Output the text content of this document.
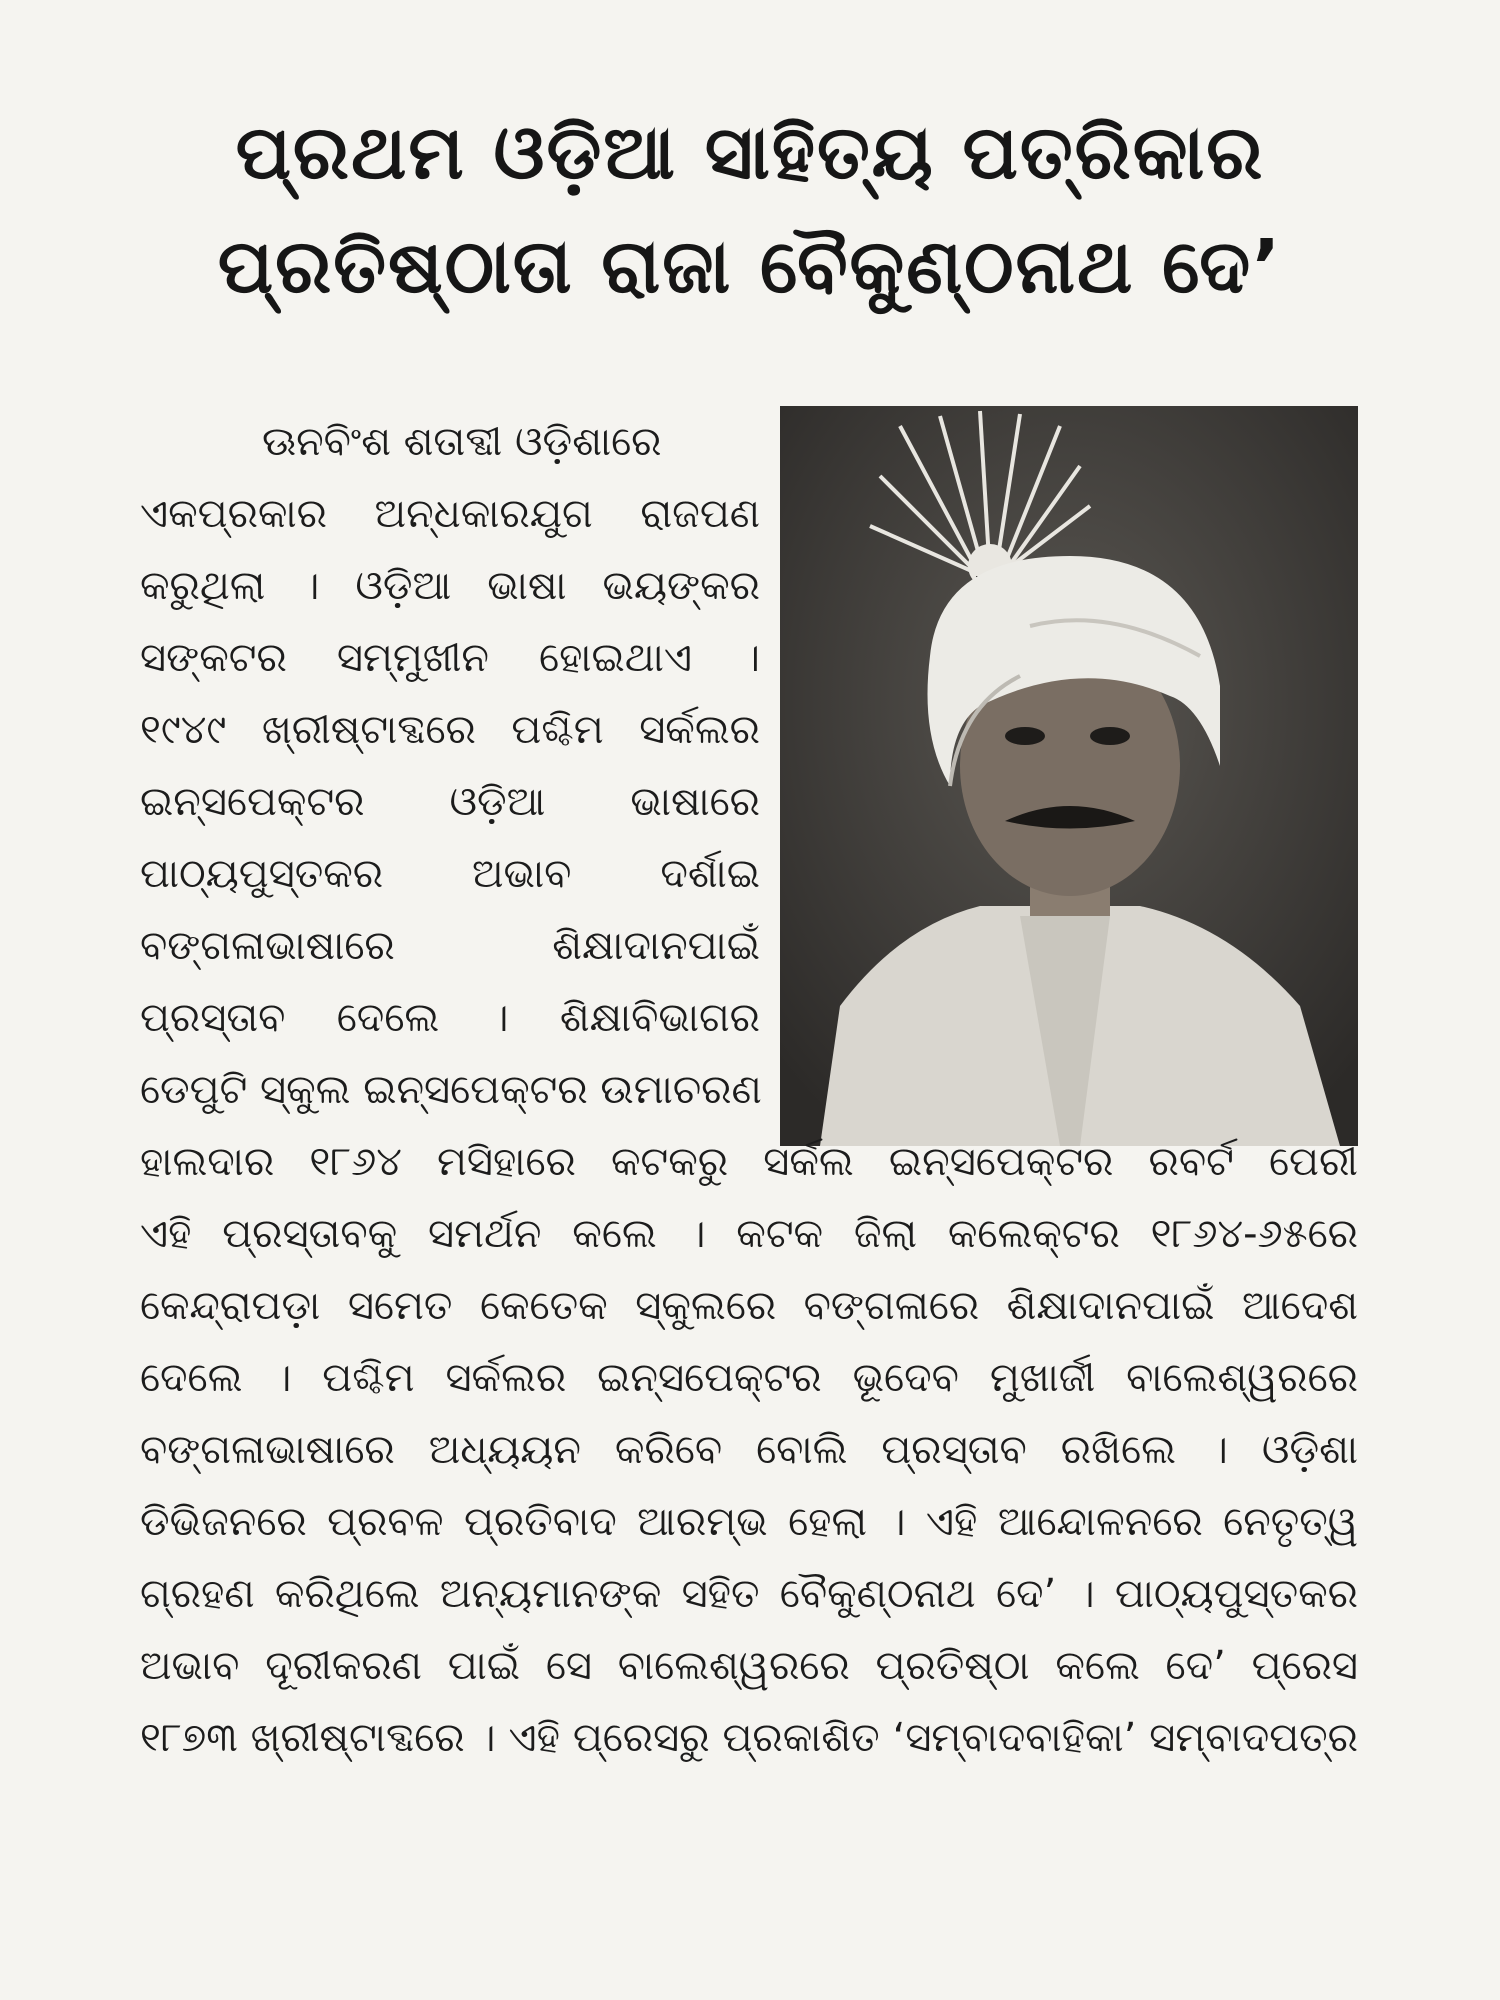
ପ୍ରଥମ ଓଡ଼ିଆ ସାହିତ୍ୟ ପତ୍ରିକାର
ପ୍ରତିଷ୍ଠାତା ରାଜା ବୈକୁଣ୍ଠନାଥ ଦେ’
ଊନବିଂଶ ଶତାବ୍ଦୀ ଓଡ଼ିଶାରେ
ଏକପ୍ରକାର ଅନ୍ଧକାରଯୁଗ ରାଜପଣ
କରୁଥିଲା । ଓଡ଼ିଆ ଭାଷା ଭୟଙ୍କର
ସଙ୍କଟର ସମ୍ମୁଖୀନ ହୋଇଥାଏ ।
୧୯୪୯ ଖ୍ରୀଷ୍ଟାବ୍ଦରେ ପଶ୍ଚିମ ସର୍କଲର
ଇନ୍ସପେକ୍ଟର ଓଡ଼ିଆ ଭାଷାରେ
ପାଠ୍ୟପୁସ୍ତକର ଅଭାବ ଦର୍ଶାଇ
ବଙ୍ଗଳାଭାଷାରେ ଶିକ୍ଷାଦାନପାଇଁ
ପ୍ରସ୍ତାବ ଦେଲେ । ଶିକ୍ଷାବିଭାଗର
ଡେପୁଟି ସ୍କୁଲ ଇନ୍ସପେକ୍ଟର ଉମାଚରଣ
ହାଲଦାର ୧୮୬୪ ମସିହାରେ କଟକରୁ ସର୍କଲ ଇନ୍ସପେକ୍ଟର ରବର୍ଟ ପେରୀ
ଏହି ପ୍ରସ୍ତାବକୁ ସମର୍ଥନ କଲେ । କଟକ ଜିଲା କଲେକ୍ଟର ୧୮୬୪-୬୫ରେ
କେନ୍ଦ୍ରାପଡ଼ା ସମେତ କେତେକ ସ୍କୁଲରେ ବଙ୍ଗଳାରେ ଶିକ୍ଷାଦାନପାଇଁ ଆଦେଶ
ଦେଲେ । ପଶ୍ଚିମ ସର୍କଲର ଇନ୍ସପେକ୍ଟର ଭୂଦେବ ମୁଖାର୍ଜୀ ବାଲେଶ୍ୱରରେ
ବଙ୍ଗଳାଭାଷାରେ ଅଧ୍ୟୟନ କରିବେ ବୋଲି ପ୍ରସ୍ତାବ ରଖିଲେ । ଓଡ଼ିଶା
ଡିଭିଜନରେ ପ୍ରବଳ ପ୍ରତିବାଦ ଆରମ୍ଭ ହେଲା । ଏହି ଆନ୍ଦୋଳନରେ ନେତୃତ୍ୱ
ଗ୍ରହଣ କରିଥିଲେ ଅନ୍ୟମାନଙ୍କ ସହିତ ବୈକୁଣ୍ଠନାଥ ଦେ’ । ପାଠ୍ୟପୁସ୍ତକର
ଅଭାବ ଦୂରୀକରଣ ପାଇଁ ସେ ବାଲେଶ୍ୱରରେ ପ୍ରତିଷ୍ଠା କଲେ ଦେ’ ପ୍ରେସ
୧୮୭୩ ଖ୍ରୀଷ୍ଟାବ୍ଦରେ । ଏହି ପ୍ରେସରୁ ପ୍ରକାଶିତ ‘ସମ୍ବାଦବାହିକା’ ସମ୍ବାଦପତ୍ର
